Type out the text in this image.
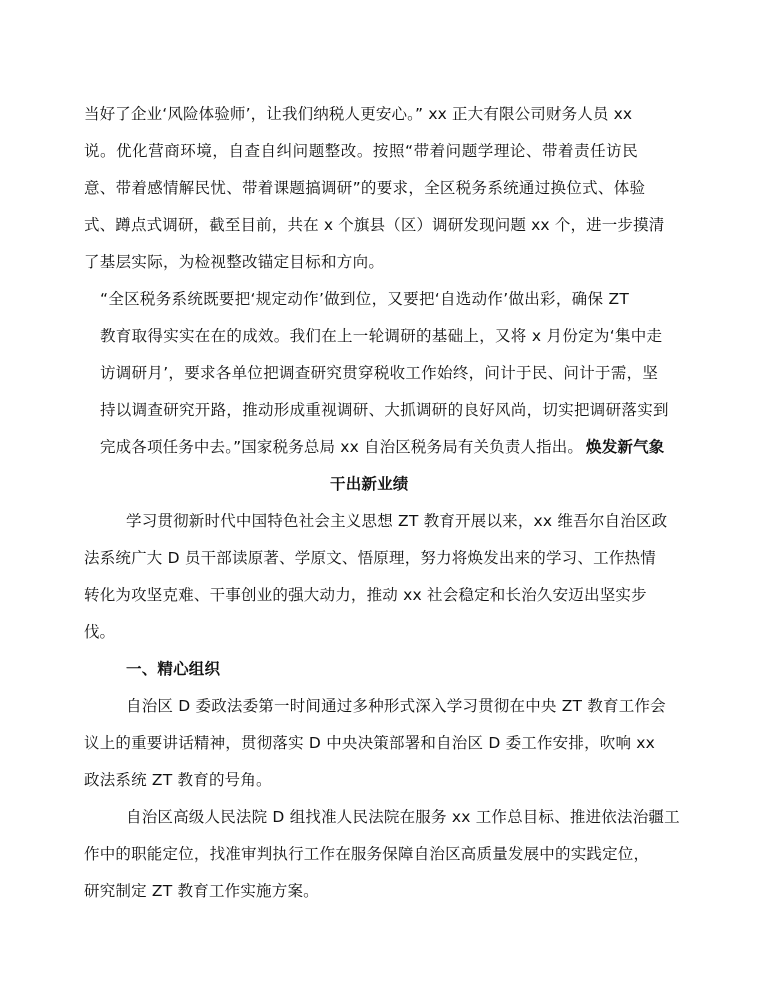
当好了企业‘风险体验师’，让我们纳税人更安心。” xx 正大有限公司财务人员 xx

说。优化营商环境，自查自纠问题整改。按照“带着问题学理论、带着责任访民

意、带着感情解民忧、带着课题搞调研”的要求，全区税务系统通过换位式、体验

式、蹲点式调研，截至目前，共在 x 个旗县（区）调研发现问题 xx 个，进一步摸清

了基层实际，为检视整改锚定目标和方向。

“全区税务系统既要把‘规定动作’做到位，又要把‘自选动作’做出彩，确保 ZT

教育取得实实在在的成效。我们在上一轮调研的基础上，又将 x 月份定为‘集中走

访调研月’，要求各单位把调查研究贯穿税收工作始终，问计于民、问计于需，坚

持以调查研究开路，推动形成重视调研、大抓调研的良好风尚，切实把调研落实到

完成各项任务中去。”国家税务总局 xx 自治区税务局有关负责人指出。 焕发新气象

干出新业绩

学习贯彻新时代中国特色社会主义思想 ZT 教育开展以来，xx 维吾尔自治区政

法系统广大 D 员干部读原著、学原文、悟原理，努力将焕发出来的学习、工作热情

转化为攻坚克难、干事创业的强大动力，推动 xx 社会稳定和长治久安迈出坚实步

伐。

一、精心组织

自治区 D 委政法委第一时间通过多种形式深入学习贯彻在中央 ZT 教育工作会

议上的重要讲话精神，贯彻落实 D 中央决策部署和自治区 D 委工作安排，吹响 xx

政法系统 ZT 教育的号角。

自治区高级人民法院 D 组找准人民法院在服务 xx 工作总目标、推进依法治疆工

作中的职能定位，找准审判执行工作在服务保障自治区高质量发展中的实践定位，

研究制定 ZT 教育工作实施方案。
